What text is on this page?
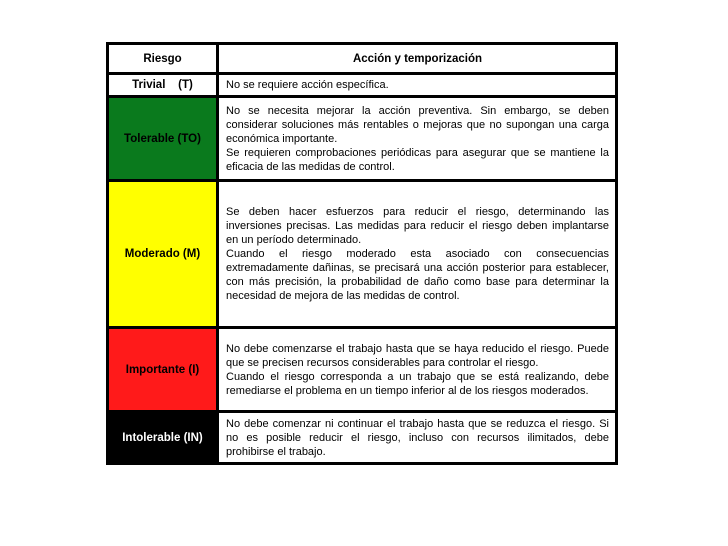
Riesgo	Acción y temporización
Trivial    (T)	No se requiere acción específica.

Tolerable (TO)	No se necesita mejorar la acción preventiva. Sin embargo, se deben considerar soluciones más rentables o mejoras que no supongan una carga económica importante.

Se requieren comprobaciones periódicas para asegurar que se mantiene la eficacia de las medidas de control.

Moderado (M)	Se deben hacer esfuerzos para reducir el riesgo, determinando las inversiones precisas. Las medidas para reducir el riesgo deben implantarse en un período determinado.

Cuando el riesgo moderado esta asociado con consecuencias extremadamente dañinas, se precisará una acción posterior para establecer, con más precisión, la probabilidad de daño como base para determinar la necesidad de mejora de las medidas de control.

Importante (I)	No debe comenzarse el trabajo hasta que se haya reducido el riesgo. Puede que se precisen recursos considerables para controlar el riesgo.

Cuando el riesgo corresponda a un trabajo que se está realizando, debe remediarse el problema en un tiempo inferior al de los riesgos moderados.

Intolerable (IN)	No debe comenzar ni continuar el trabajo hasta que se reduzca el riesgo. Si no es posible reducir el riesgo, incluso con recursos ilimitados, debe prohibirse el trabajo.
